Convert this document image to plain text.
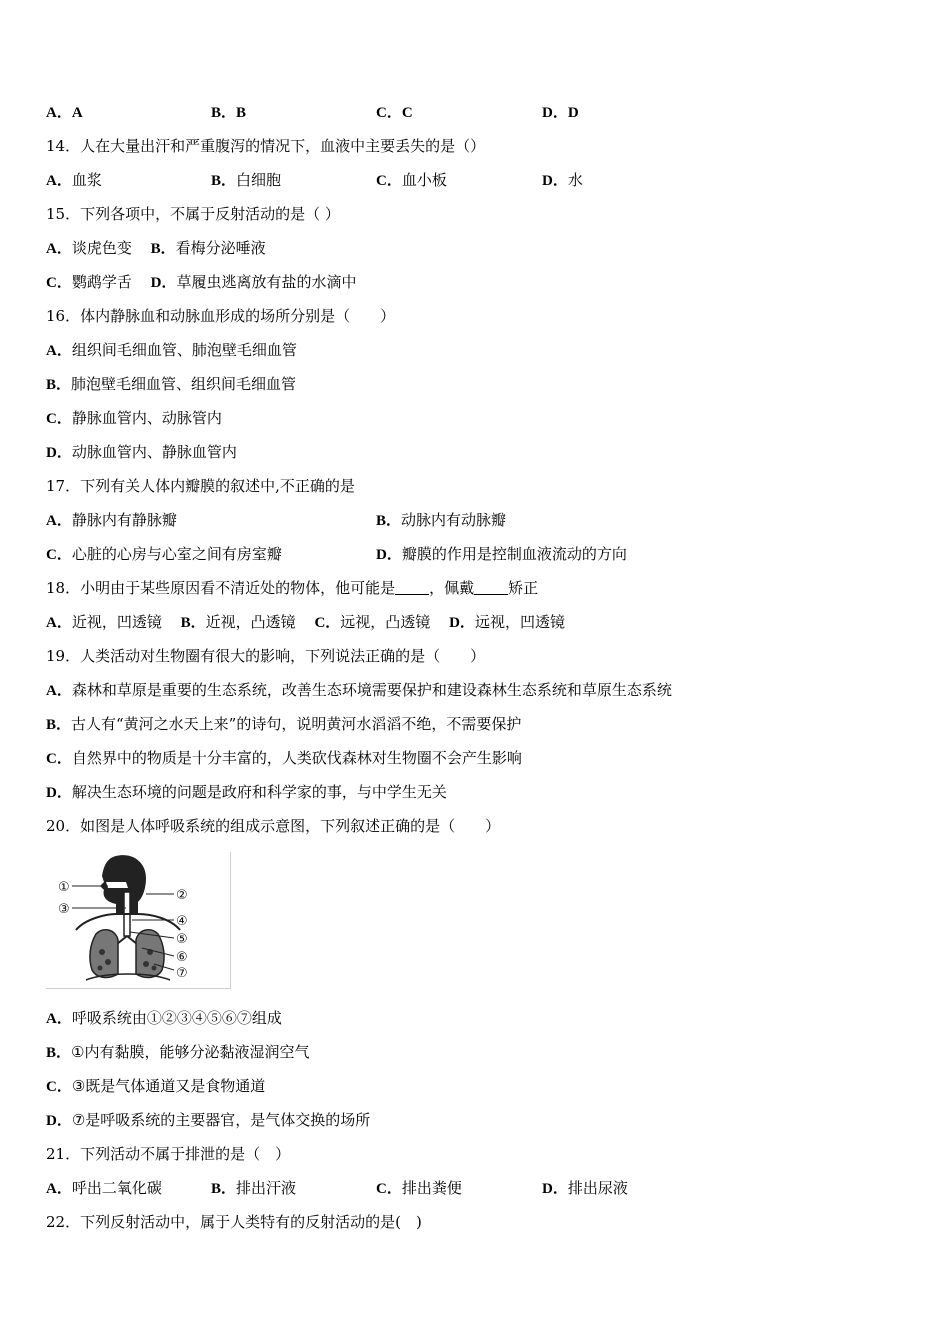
A．A	B．B	C．C	D．D
14．人在大量出汗和严重腹泻的情况下，血液中主要丢失的是（）
A．血浆	B．白细胞	C．血小板	D．水
15．下列各项中，不属于反射活动的是（ ）
A．谈虎色变 B．看梅分泌唾液
C．鹦鹉学舌 D．草履虫逃离放有盐的水滴中
16．体内静脉血和动脉血形成的场所分别是（　　）
A．组织间毛细血管、肺泡壁毛细血管
B．肺泡壁毛细血管、组织间毛细血管
C．静脉血管内、动脉管内
D．动脉血管内、静脉血管内
17．下列有关人体内瓣膜的叙述中,不正确的是
A．静脉内有静脉瓣	B．动脉内有动脉瓣
C．心脏的心房与心室之间有房室瓣	D．瓣膜的作用是控制血液流动的方向
18．小明由于某些原因看不清近处的物体，他可能是 ，佩戴 矫正
A．近视，凹透镜 B．近视，凸透镜 C．远视，凸透镜 D．远视，凹透镜
19．人类活动对生物圈有很大的影响，下列说法正确的是（　　）
A．森林和草原是重要的生态系统，改善生态环境需要保护和建设森林生态系统和草原生态系统
B．古人有“黄河之水天上来”的诗句，说明黄河水滔滔不绝，不需要保护
C．自然界中的物质是十分丰富的，人类砍伐森林对生物圈不会产生影响
D．解决生态环境的问题是政府和科学家的事，与中学生无关
20．如图是人体呼吸系统的组成示意图，下列叙述正确的是（　　）
①
②
③
④
⑤
⑥
⑦
A．呼吸系统由①②③④⑤⑥⑦组成
B．①内有黏膜，能够分泌黏液湿润空气
C．③既是气体通道又是食物通道
D．⑦是呼吸系统的主要器官，是气体交换的场所
21．下列活动不属于排泄的是（　）
A．呼出二氧化碳	B．排出汗液	C．排出粪便	D．排出尿液
22．下列反射活动中，属于人类特有的反射活动的是(　)
